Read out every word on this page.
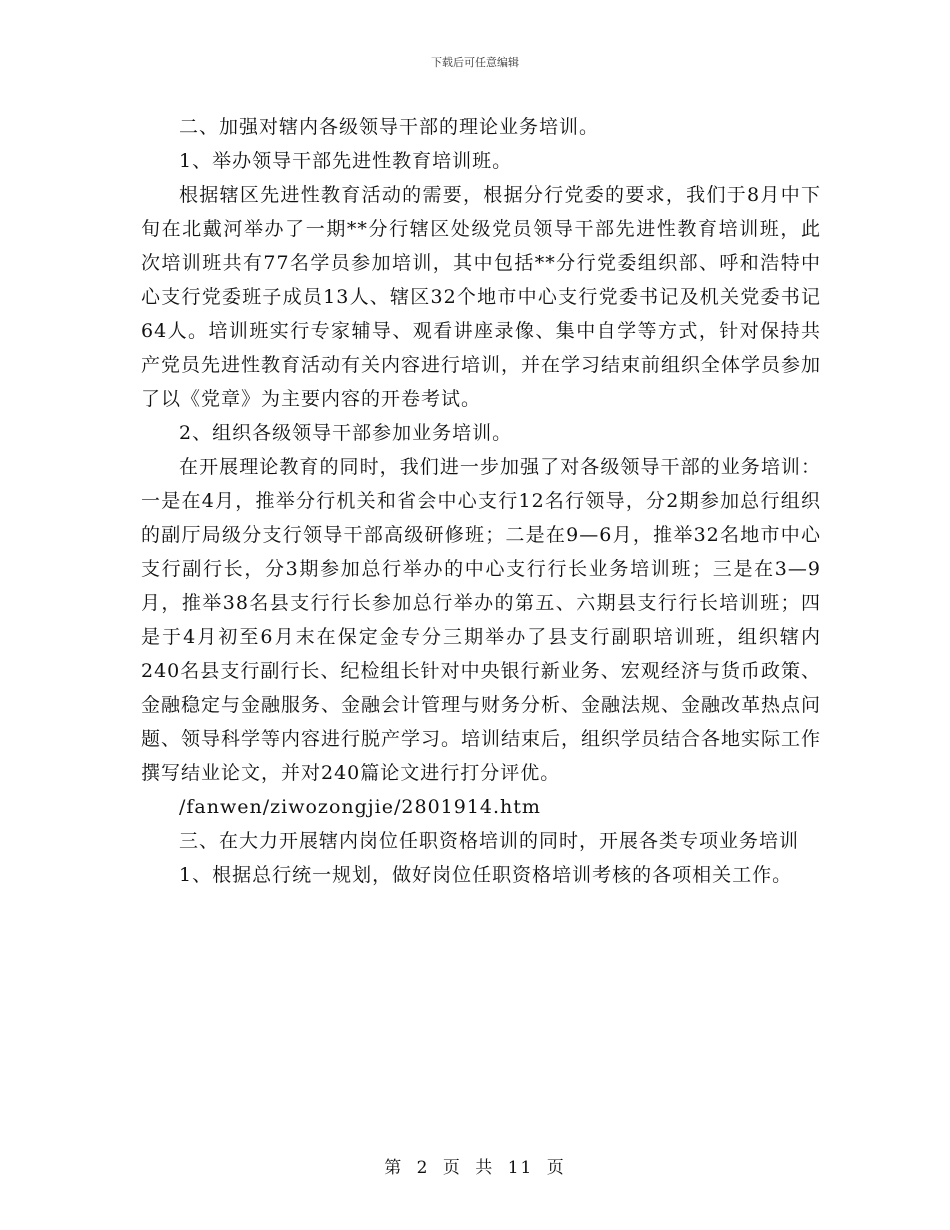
下载后可任意编辑

二、加强对辖内各级领导干部的理论业务培训。

1、举办领导干部先进性教育培训班。

根据辖区先进性教育活动的需要，根据分行党委的要求，我们于8月中下旬在北戴河举办了一期**分行辖区处级党员领导干部先进性教育培训班，此次培训班共有77名学员参加培训，其中包括**分行党委组织部、呼和浩特中心支行党委班子成员13人、辖区32个地市中心支行党委书记及机关党委书记64人。培训班实行专家辅导、观看讲座录像、集中自学等方式，针对保持共产党员先进性教育活动有关内容进行培训，并在学习结束前组织全体学员参加了以《党章》为主要内容的开卷考试。

2、组织各级领导干部参加业务培训。

在开展理论教育的同时，我们进一步加强了对各级领导干部的业务培训：一是在4月，推举分行机关和省会中心支行12名行领导，分2期参加总行组织的副厅局级分支行领导干部高级研修班；二是在9—6月，推举32名地市中心支行副行长，分3期参加总行举办的中心支行行长业务培训班；三是在3—9月，推举38名县支行行长参加总行举办的第五、六期县支行行长培训班；四是于4月初至6月末在保定金专分三期举办了县支行副职培训班，组织辖内240名县支行副行长、纪检组长针对中央银行新业务、宏观经济与货币政策、金融稳定与金融服务、金融会计管理与财务分析、金融法规、金融改革热点问题、领导科学等内容进行脱产学习。培训结束后，组织学员结合各地实际工作撰写结业论文，并对240篇论文进行打分评优。

/fanwen/ziwozongjie/2801914.htm

三、在大力开展辖内岗位任职资格培训的同时，开展各类专项业务培训

1、根据总行统一规划，做好岗位任职资格培训考核的各项相关工作。

第 2 页 共 11 页
